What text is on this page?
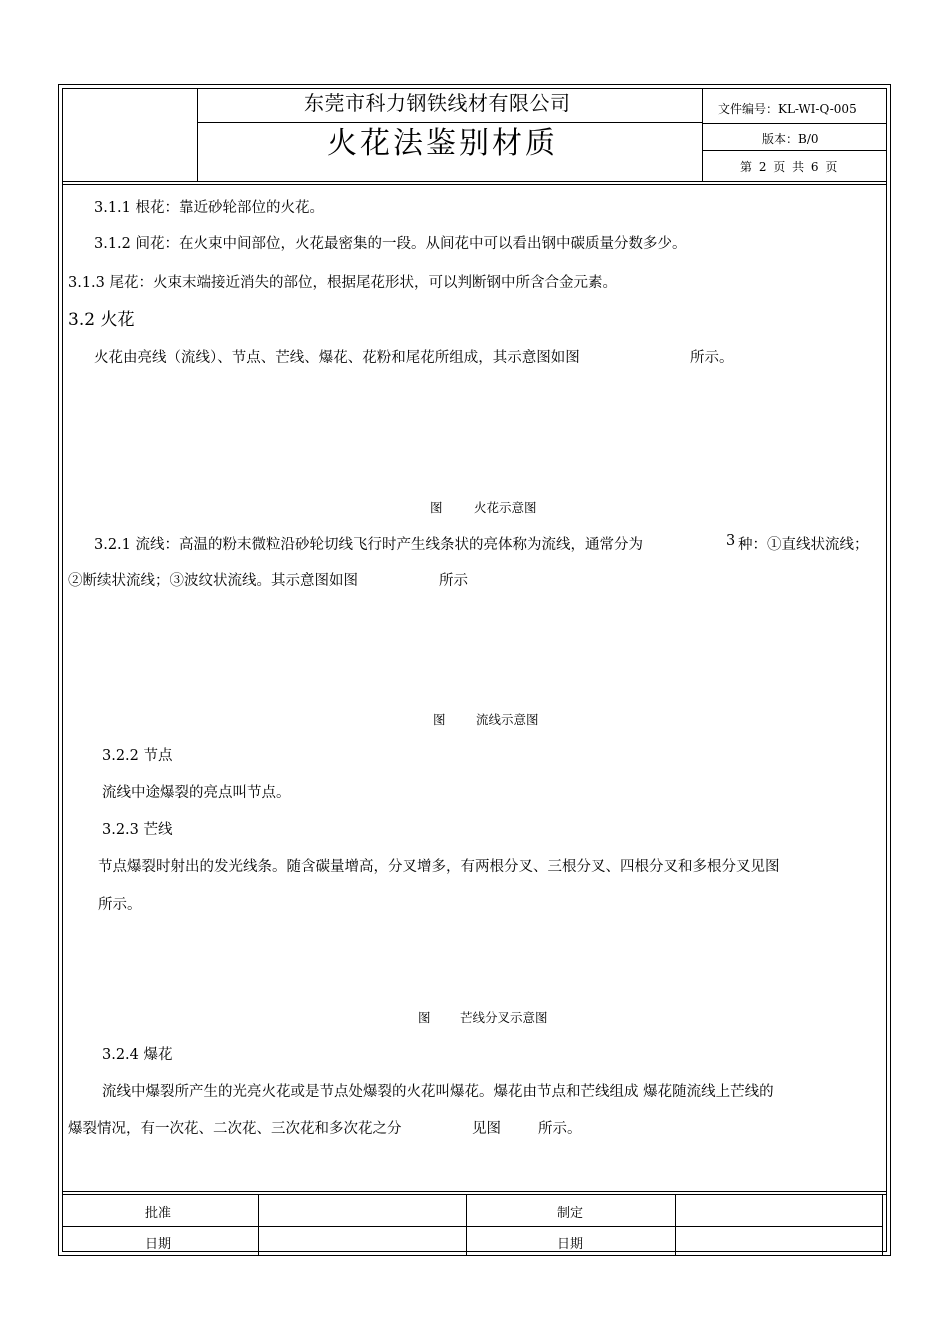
东莞市科力钢铁线材有限公司
火花法鉴别材质
文件编号：KL-WI-Q-005
版本：B/0
第 2 页 共 6 页
3.1.1 根花：靠近砂轮部位的火花。
3.1.2 间花：在火束中间部位，火花最密集的一段。从间花中可以看出钢中碳质量分数多少。
3.1.3 尾花：火束末端接近消失的部位，根据尾花形状，可以判断钢中所含合金元素。
3.2 火花
火花由亮线（流线）、节点、芒线、爆花、花粉和尾花所组成，其示意图如图	所示。
图	火花示意图
3.2.1 流线：高温的粉末微粒沿砂轮切线飞行时产生线条状的亮体称为流线，通常分为	3 种：①直线状流线；
②断续状流线；③波纹状流线。其示意图如图	所示
图 流线示意图
3.2.2 节点
流线中途爆裂的亮点叫节点。
3.2.3 芒线
节点爆裂时射出的发光线条。随含碳量增高，分叉增多，有两根分叉、三根分叉、四根分叉和多根分叉见图
所示。
图 芒线分叉示意图
3.2.4 爆花
流线中爆裂所产生的光亮火花或是节点处爆裂的火花叫爆花。爆花由节点和芒线组成 爆花随流线上芒线的
爆裂情况，有一次花、二次花、三次花和多次花之分	见图	所示。
批准	制定
日期	日期
